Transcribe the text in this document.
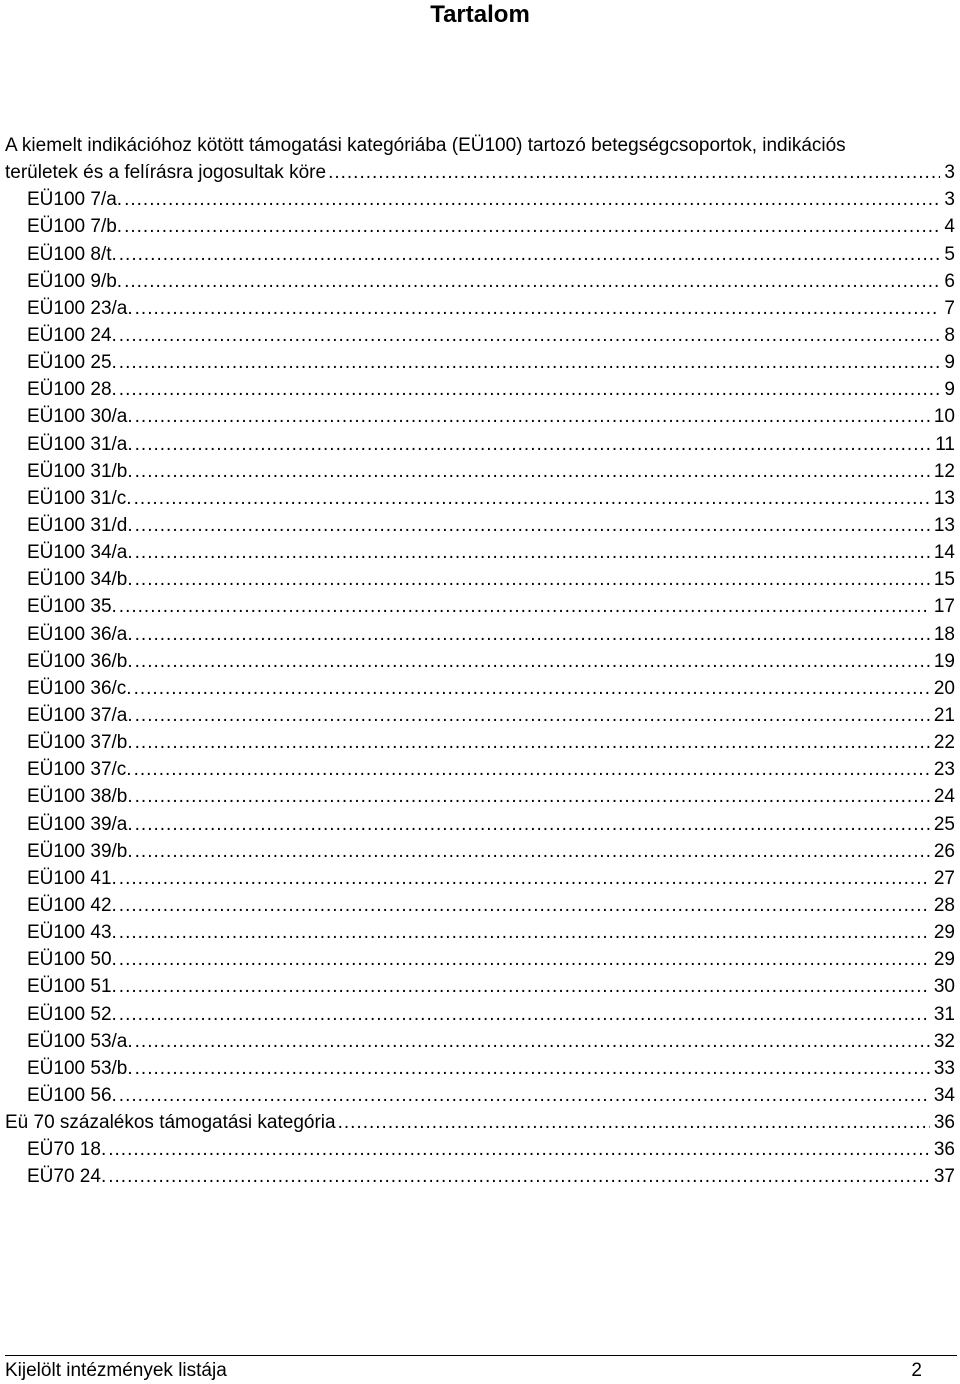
Tartalom
A kiemelt indikációhoz kötött támogatási kategóriába (EÜ100) tartozó betegségcsoportok, indikációs
területek és a felírásra jogosultak köre .....	3
EÜ100 7/a. .....	3
EÜ100 7/b. .....	4
EÜ100 8/t. .....	5
EÜ100 9/b. .....	6
EÜ100 23/a. .....	7
EÜ100 24. .....	8
EÜ100 25. .....	9
EÜ100 28. .....	9
EÜ100 30/a. .....	10
EÜ100 31/a. .....	11
EÜ100 31/b. .....	12
EÜ100 31/c. .....	13
EÜ100 31/d. .....	13
EÜ100 34/a. .....	14
EÜ100 34/b. .....	15
EÜ100 35. .....	17
EÜ100 36/a. .....	18
EÜ100 36/b. .....	19
EÜ100 36/c. .....	20
EÜ100 37/a. .....	21
EÜ100 37/b. .....	22
EÜ100 37/c. .....	23
EÜ100 38/b. .....	24
EÜ100 39/a. .....	25
EÜ100 39/b. .....	26
EÜ100 41. .....	27
EÜ100 42. .....	28
EÜ100 43. .....	29
EÜ100 50. .....	29
EÜ100 51. .....	30
EÜ100 52. .....	31
EÜ100 53/a. .....	32
EÜ100 53/b. .....	33
EÜ100 56. .....	34
Eü 70 százalékos támogatási kategória .....	36
EÜ70 18. .....	36
EÜ70 24. .....	37
Kijelölt intézmények listája	2
